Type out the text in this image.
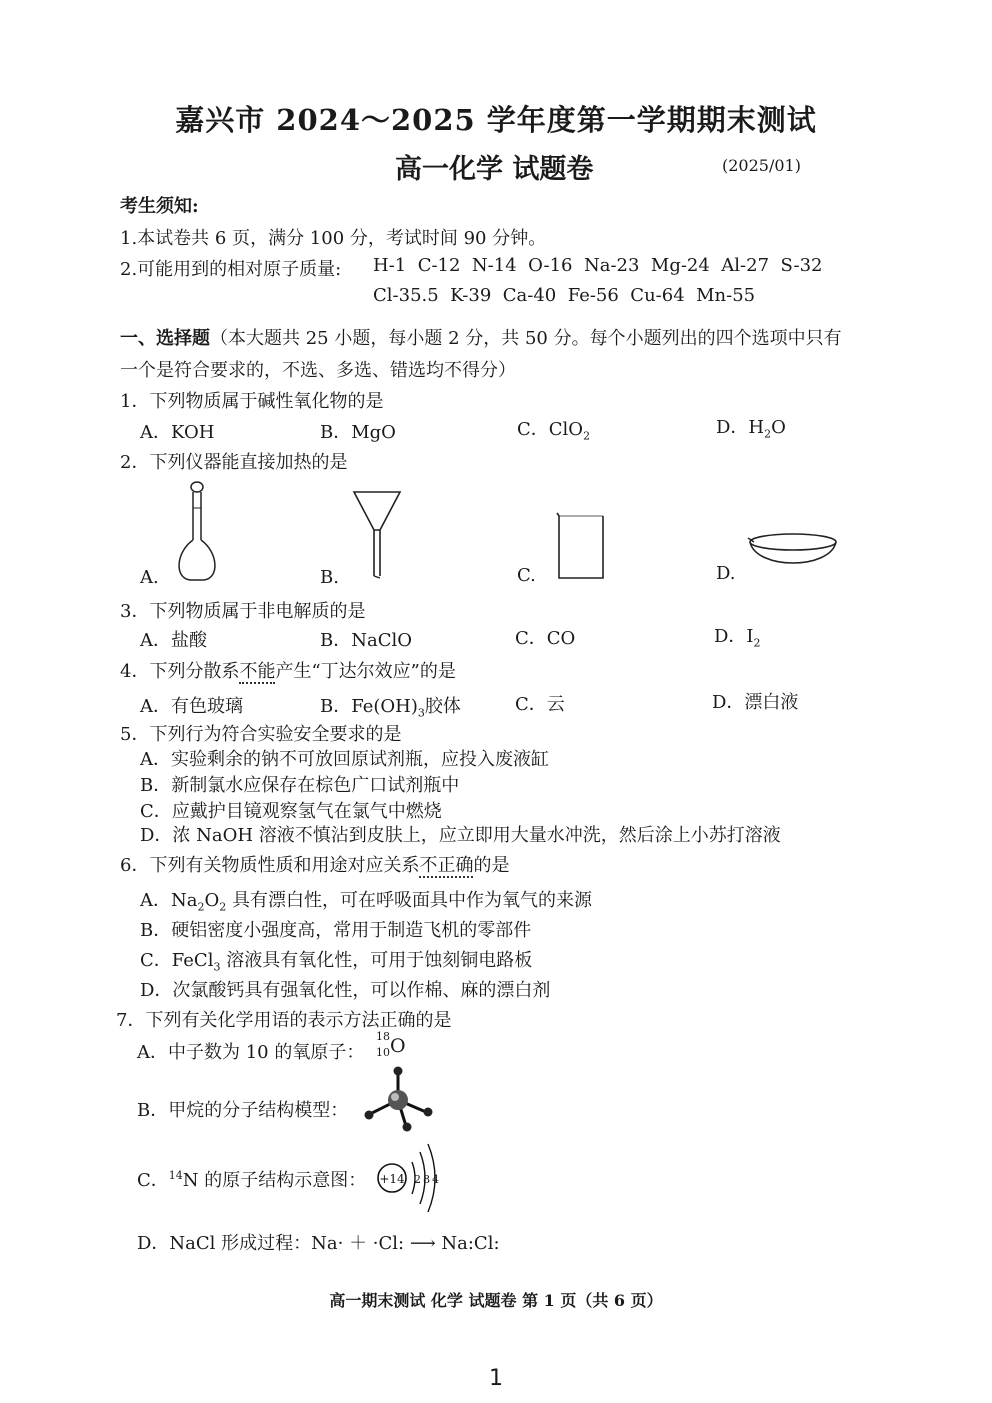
嘉兴市 2024～2025 学年度第一学期期末测试
高一化学 试题卷	(2025/01)
考生须知:
1.本试卷共 6 页，满分 100 分，考试时间 90 分钟。
2.可能用到的相对原子质量: H-1 C-12 N-14 O-16 Na-23 Mg-24 Al-27 S-32
Cl-35.5 K-39 Ca-40 Fe-56 Cu-64 Mn-55
一、选择题（本大题共 25 小题，每小题 2 分，共 50 分。每个小题列出的四个选项中只有
一个是符合要求的，不选、多选、错选均不得分）
1．下列物质属于碱性氧化物的是
A．KOH	B．MgO	C．ClO$_2$	D．$H_2O$
2．下列仪器能直接加热的是
A.	B.	C.	D.
3．下列物质属于非电解质的是
A．盐酸	B．NaClO	C．CO	D．$I_2$
4．下列分散系不能产生“丁达尔效应”的是
A．有色玻璃	B．$Fe(OH)_3$胶体	C．云	D．漂白液
5．下列行为符合实验安全要求的是
A．实验剩余的钠不可放回原试剂瓶，应投入废液缸
B．新制氯水应保存在棕色广口试剂瓶中
C．应戴护目镜观察氢气在氯气中燃烧
D．浓 NaOH 溶液不慎沾到皮肤上，应立即用大量水冲洗，然后涂上小苏打溶液
6．下列有关物质性质和用途对应关系不正确的是
A．$Na_2O_2$ 具有漂白性，可在呼吸面具中作为氧气的来源
B．硬铝密度小强度高，常用于制造飞机的零部件
C．FeCl$_3$ 溶液具有氧化性，可用于蚀刻铜电路板
D．次氯酸钙具有强氧化性，可以作棉、麻的漂白剂
7．下列有关化学用语的表示方法正确的是
A．中子数为 10 的氧原子：
18
10 O
B．甲烷的分子结构模型：
C．$^{14}$N 的原子结构示意图： +14 2 8 4
D．NaCl 形成过程：Na· ＋ ·Cl: ⟶ Na:Cl:
高一期末测试 化学 试题卷 第 1 页（共 6 页）
1
